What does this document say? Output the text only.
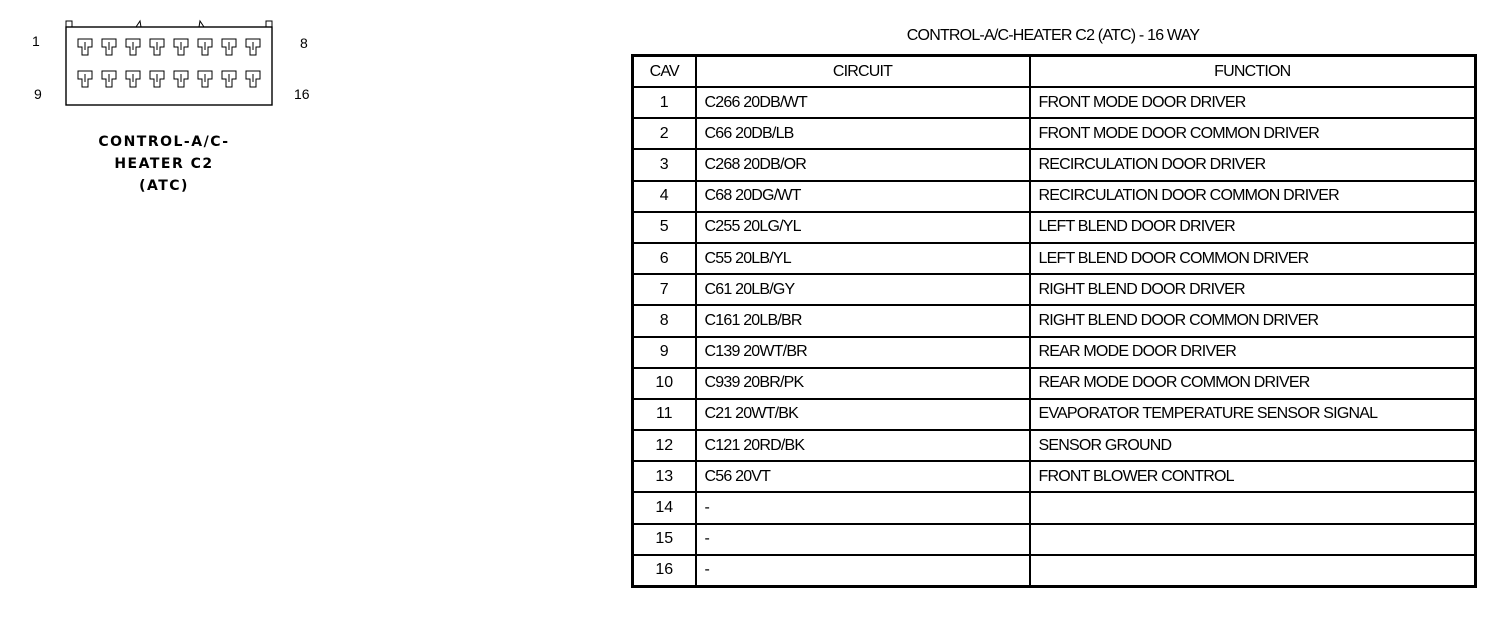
1	8
9	16
CONTROL-A/C-
HEATER C2
(ATC)
CONTROL-A/C-HEATER C2 (ATC) - 16 WAY
CAV	CIRCUIT	FUNCTION
1	C266 20DB/WT	FRONT MODE DOOR DRIVER
2	C66 20DB/LB	FRONT MODE DOOR COMMON DRIVER
3	C268 20DB/OR	RECIRCULATION DOOR DRIVER
4	C68 20DG/WT	RECIRCULATION DOOR COMMON DRIVER
5	C255 20LG/YL	LEFT BLEND DOOR DRIVER
6	C55 20LB/YL	LEFT BLEND DOOR COMMON DRIVER
7	C61 20LB/GY	RIGHT BLEND DOOR DRIVER
8	C161 20LB/BR	RIGHT BLEND DOOR COMMON DRIVER
9	C139 20WT/BR	REAR MODE DOOR DRIVER
10	C939 20BR/PK	REAR MODE DOOR COMMON DRIVER
11	C21 20WT/BK	EVAPORATOR TEMPERATURE SENSOR SIGNAL
12	C121 20RD/BK	SENSOR GROUND
13	C56 20VT	FRONT BLOWER CONTROL
14	-	
15	-	
16	-	
